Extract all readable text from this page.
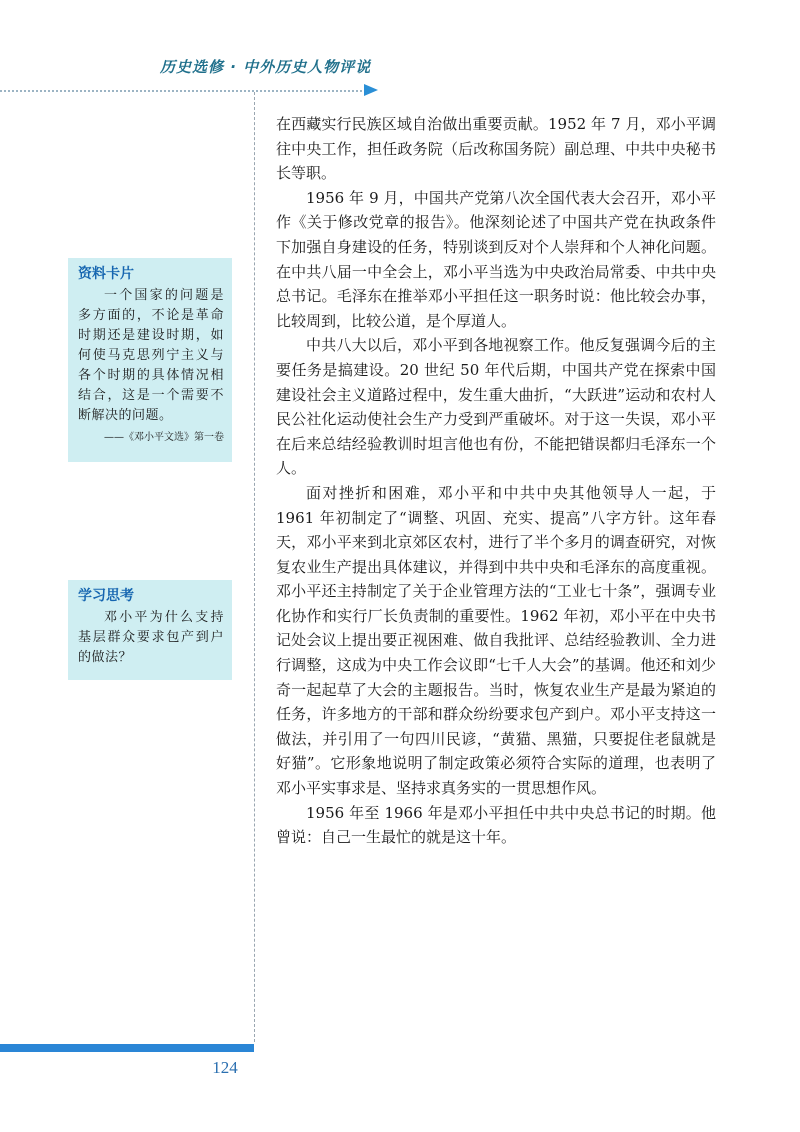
历史选修 · 中外历史人物评说

在西藏实行民族区域自治做出重要贡献。1952 年 7 月，邓小平调往中央工作，担任政务院（后改称国务院）副总理、中共中央秘书长等职。

1956 年 9 月，中国共产党第八次全国代表大会召开，邓小平作《关于修改党章的报告》。他深刻论述了中国共产党在执政条件下加强自身建设的任务，特别谈到反对个人崇拜和个人神化问题。在中共八届一中全会上，邓小平当选为中央政治局常委、中共中央总书记。毛泽东在推举邓小平担任这一职务时说：他比较会办事，比较周到，比较公道，是个厚道人。

中共八大以后，邓小平到各地视察工作。他反复强调今后的主要任务是搞建设。20 世纪 50 年代后期，中国共产党在探索中国建设社会主义道路过程中，发生重大曲折，“大跃进”运动和农村人民公社化运动使社会生产力受到严重破坏。对于这一失误，邓小平在后来总结经验教训时坦言他也有份，不能把错误都归毛泽东一个人。

面对挫折和困难，邓小平和中共中央其他领导人一起，于 1961 年初制定了“调整、巩固、充实、提高”八字方针。这年春天，邓小平来到北京郊区农村，进行了半个多月的调查研究，对恢复农业生产提出具体建议，并得到中共中央和毛泽东的高度重视。邓小平还主持制定了关于企业管理方法的“工业七十条”，强调专业化协作和实行厂长负责制的重要性。1962 年初，邓小平在中央书记处会议上提出要正视困难、做自我批评、总结经验教训、全力进行调整，这成为中央工作会议即“七千人大会”的基调。他还和刘少奇一起起草了大会的主题报告。当时，恢复农业生产是最为紧迫的任务，许多地方的干部和群众纷纷要求包产到户。邓小平支持这一做法，并引用了一句四川民谚，“黄猫、黑猫，只要捉住老鼠就是好猫”。它形象地说明了制定政策必须符合实际的道理，也表明了邓小平实事求是、坚持求真务实的一贯思想作风。

1956 年至 1966 年是邓小平担任中共中央总书记的时期。他曾说：自己一生最忙的就是这十年。

资料卡片
一个国家的问题是多方面的，不论是革命时期还是建设时期，如何使马克思列宁主义与各个时期的具体情况相结合，这是一个需要不断解决的问题。
——《邓小平文选》第一卷
学习思考
邓小平为什么支持基层群众要求包产到户的做法？
124
